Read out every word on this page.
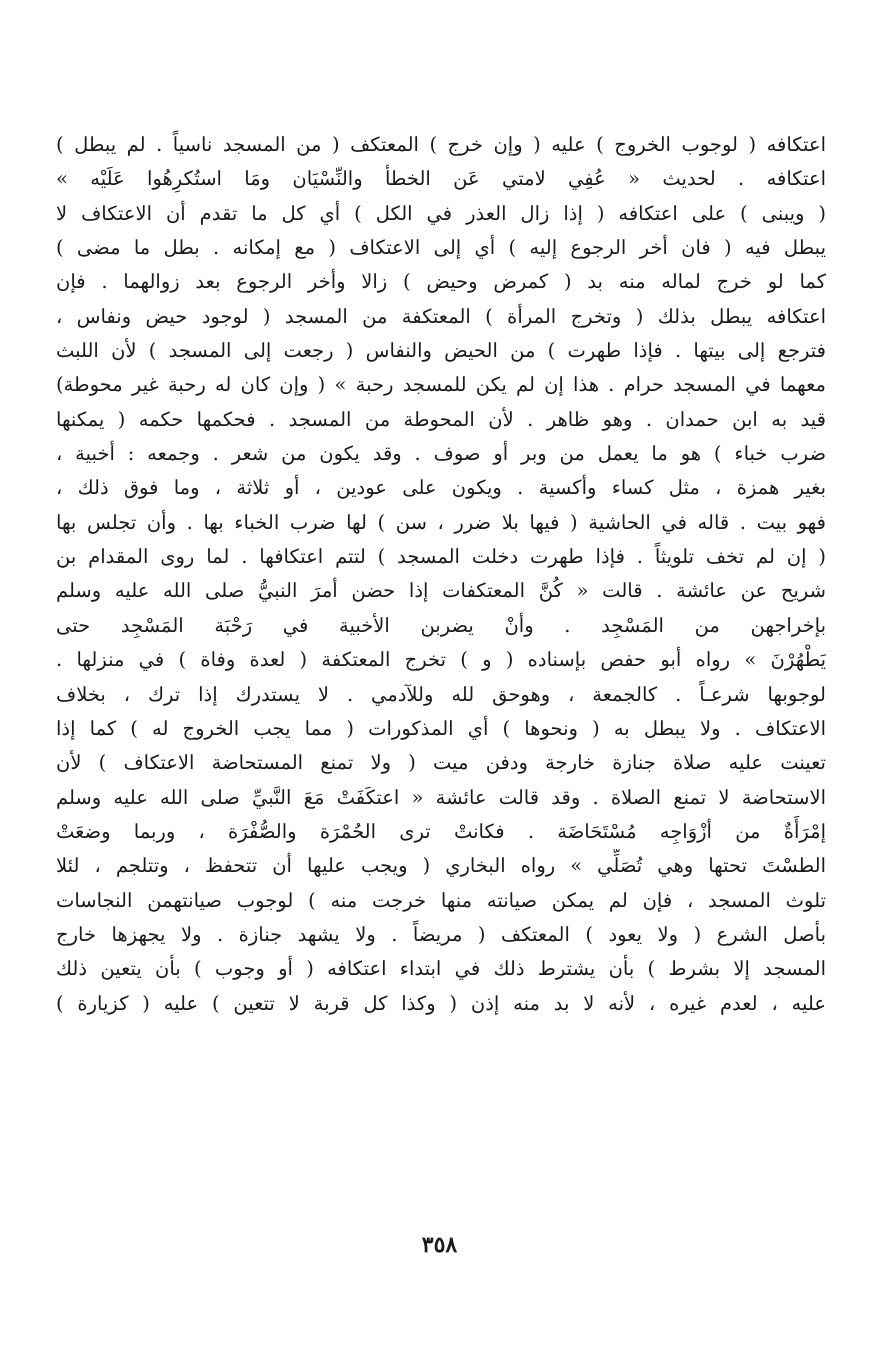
اعتكافه ( لوجوب الخروج ) عليه ( وإن خرج ) المعتكف ( من المسجد ناسياً . لم يبطل )
اعتكافه . لحديث « عُفِي لامتي عَن الخطأ والنِّسْيَان ومَا استُكرِهُوا عَلَيْه »
( ويبنى ) على اعتكافه ( إذا زال العذر في الكل ) أي كل ما تقدم أن الاعتكاف لا
يبطل فيه ( فان أخر الرجوع إليه ) أي إلى الاعتكاف ( مع إمكانه . بطل ما مضى )
كما لو خرج لماله منه بد ( كمرض وحيض ) زالا وأخر الرجوع بعد زوالهما . فإن
اعتكافه يبطل بذلك ( وتخرج المرأة ) المعتكفة من المسجد ( لوجود حيض ونفاس ،
فترجع إلى بيتها . فإذا طهرت ) من الحيض والنفاس ( رجعت إلى المسجد ) لأن اللبث
معهما في المسجد حرام . هذا إن لم يكن للمسجد رحبة » ( وإن كان له رحبة غير محوطة)
قيد به ابن حمدان . وهو ظاهر . لأن المحوطة من المسجد . فحكمها حكمه ( يمكنها
ضرب خباء ) هو ما يعمل من وبر أو صوف . وقد يكون من شعر . وجمعه : أخبية ،
بغير همزة ، مثل كساء وأكسية . ويكون على عودين ، أو ثلاثة ، وما فوق ذلك ،
فهو بيت . قاله في الحاشية ( فيها بلا ضرر ، سن ) لها ضرب الخباء بها . وأن تجلس بها
( إن لم تخف تلويثاً . فإذا طهرت دخلت المسجد ) لتتم اعتكافها . لما روى المقدام بن
شريح عن عائشة . قالت « كُنَّ المعتكفات إذا حضن أمرَ النبيُّ صلى الله عليه وسلم
بإخراجهن من المَسْجِد . وأنْ يضربن الأخبية في رَحْبَة المَسْجِد حتى
يَطْهُرْنَ » رواه أبو حفص بإسناده ( و ) تخرج المعتكفة ( لعدة وفاة ) في منزلها .
لوجوبها شرعـاً . كالجمعة ، وهوحق لله وللآدمي . لا يستدرك إذا ترك ، بخلاف
الاعتكاف . ولا يبطل به ( ونحوها ) أي المذكورات ( مما يجب الخروج له ) كما إذا
تعينت عليه صلاة جنازة خارجة ودفن ميت ( ولا تمنع المستحاضة الاعتكاف ) لأن
الاستحاضة لا تمنع الصلاة . وقد قالت عائشة « اعتكَفَتْ مَعَ النَّبيِّ صلى الله عليه وسلم
إمْرَأَةٌ من أزْوَاجِه مُسْتَحَاضَة . فكانتْ ترى الحُمْرَة والصُّفْرَة ، وربما وضعَتْ
الطسْتَ تحتها وهي تُصَلِّي » رواه البخاري ( ويجب عليها أن تتحفظ ، وتتلجم ، لئلا
تلوث المسجد ، فإن لم يمكن صيانته منها خرجت منه ) لوجوب صيانتهمن النجاسات
بأصل الشرع ( ولا يعود ) المعتكف ( مريضاً . ولا يشهد جنازة . ولا يجهزها خارج
المسجد إلا بشرط ) بأن يشترط ذلك في ابتداء اعتكافه ( أو وجوب ) بأن يتعين ذلك
عليه ، لعدم غيره ، لأنه لا بد منه إذن ( وكذا كل قربة لا تتعين ) عليه ( كزيارة )
٣٥٨
